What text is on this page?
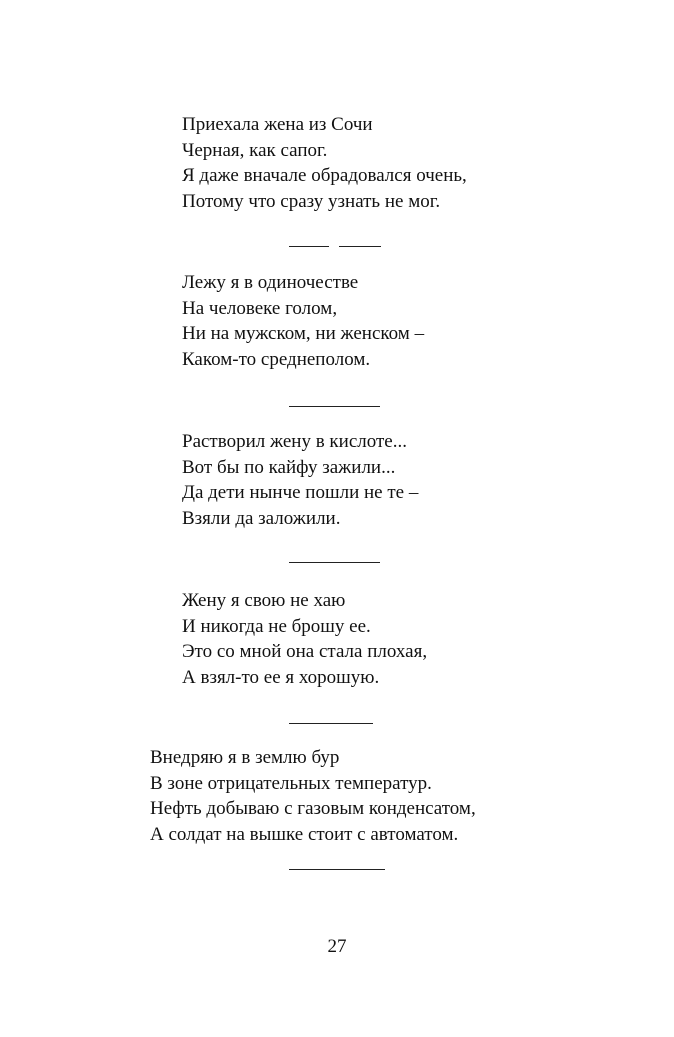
Приехала жена из Сочи
Черная, как сапог.
Я даже вначале обрадовался очень,
Потому что сразу узнать не мог.
Лежу я в одиночестве
На человеке голом,
Ни на мужском, ни женском –
Каком-то среднеполом.
Растворил жену в кислоте...
Вот бы по кайфу зажили...
Да дети нынче пошли не те –
Взяли да заложили.
Жену я свою не хаю
И никогда не брошу ее.
Это со мной она стала плохая,
А взял-то ее я хорошую.
Внедряю я в землю бур
В зоне отрицательных температур.
Нефть добываю с газовым конденсатом,
А солдат на вышке стоит с автоматом.
27
